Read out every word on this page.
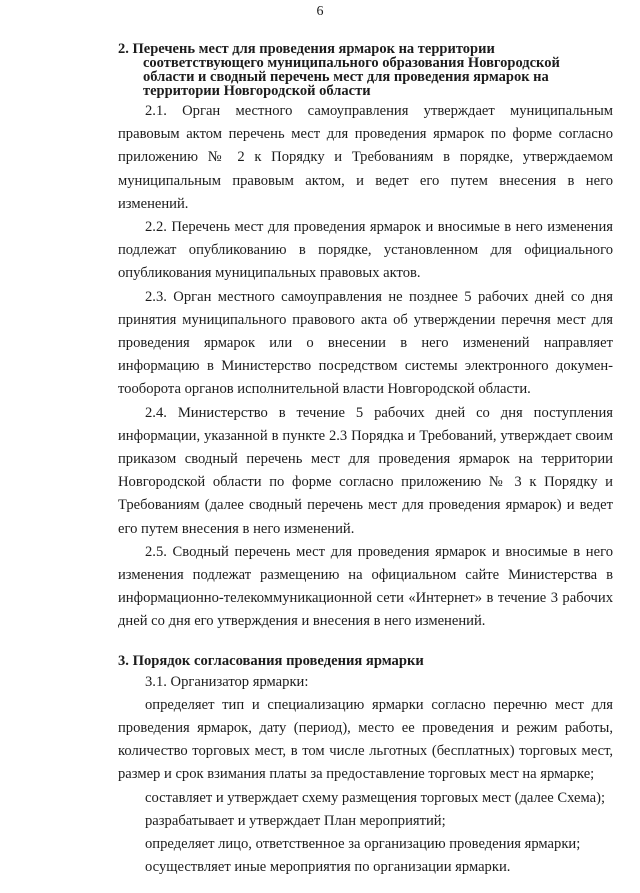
6
2. Перечень мест для проведения ярмарок на территории
соответствующего муниципального образования Новгородской
области и сводный перечень мест для проведения ярмарок на
территории Новгородской области

2.1. Орган местного самоуправления утверждает муниципальным правовым актом перечень мест для проведения ярмарок по форме согласно приложению № 2 к Порядку и Требованиям в порядке, утверждаемом муниципальным правовым актом, и ведет его путем внесения в него изменений.

2.2. Перечень мест для проведения ярмарок и вносимые в него изменения подлежат опубликованию в порядке, установленном для официального опубликования муниципальных правовых актов.

2.3. Орган местного самоуправления не позднее 5 рабочих дней со дня принятия муниципального правового акта об утверждении перечня мест для проведения ярмарок или о внесении в него изменений направляет информацию в Министерство посредством системы электронного докумен-тооборота органов исполнительной власти Новгородской области.

2.4. Министерство в течение 5 рабочих дней со дня поступления информации, указанной в пункте 2.3 Порядка и Требований, утверждает своим приказом сводный перечень мест для проведения ярмарок на территории Новгородской области по форме согласно приложению № 3 к Порядку и Требованиям (далее сводный перечень мест для проведения ярмарок) и ведет его путем внесения в него изменений.

2.5. Сводный перечень мест для проведения ярмарок и вносимые в него изменения подлежат размещению на официальном сайте Министерства в информационно-телекоммуникационной сети «Интернет» в течение 3 рабочих дней со дня его утверждения и внесения в него изменений.

3. Порядок согласования проведения ярмарки

3.1. Организатор ярмарки:

определяет тип и специализацию ярмарки согласно перечню мест для проведения ярмарок, дату (период), место ее проведения и режим работы, количество торговых мест, в том числе льготных (бесплатных) торговых мест, размер и срок взимания платы за предоставление торговых мест на ярмарке;

составляет и утверждает схему размещения торговых мест (далее Схема);

разрабатывает и утверждает План мероприятий;

определяет лицо, ответственное за организацию проведения ярмарки;

осуществляет иные мероприятия по организации ярмарки.
